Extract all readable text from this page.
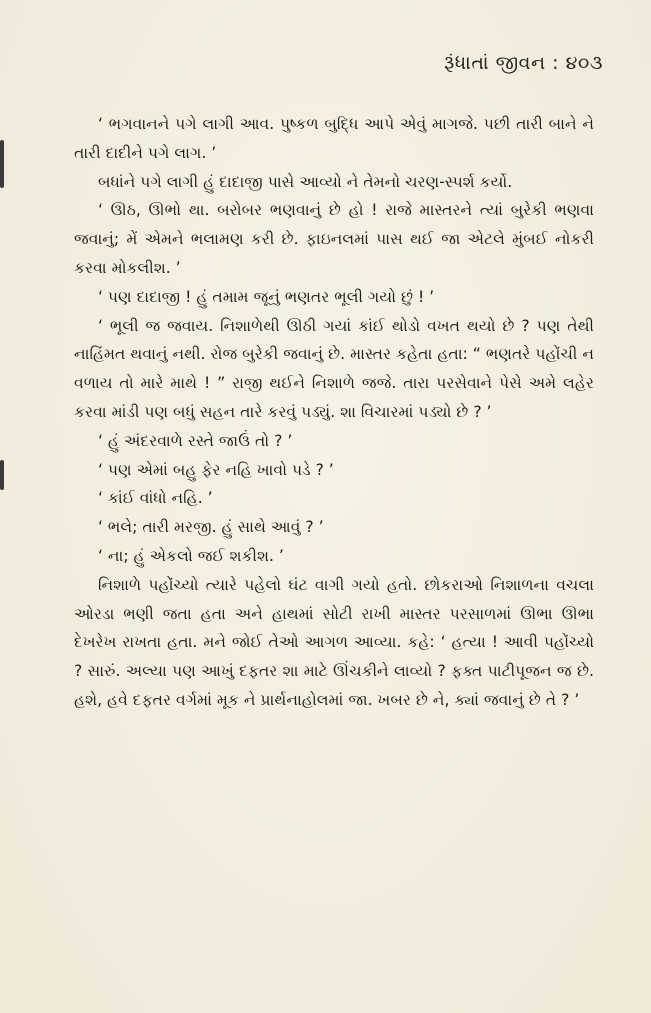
રૂંધાતાં જીવન : ૪૦૩

‘ ભગવાનને પગે લાગી આવ. પુષ્કળ બુદ્ધિ આપે એવું માગજે. પછી તારી બાને ને તારી દાદીને પગે લાગ. ’

બધાંને પગે લાગી હું દાદાજી પાસે આવ્યો ને તેમનો ચરણ-સ્પર્શ કર્યો.

‘ ઊઠ, ઊભો થા. બરોબર ભણવાનું છે હો ! રાજે માસ્તરને ત્યાં બુરેકી ભણવા જવાનું; મેં એમને ભલામણ કરી છે. ફાઇનલમાં પાસ થઈ જા એટલે મુંબઈ નોકરી કરવા મોકલીશ. ’

‘ પણ દાદાજી ! હું તમામ જૂનું ભણતર ભૂલી ગયો છું ! ’

‘ ભૂલી જ જવાય. નિશાળેથી ઊઠી ગયાં કાંઈ થોડો વખત થયો છે ? પણ તેથી નાહિંમત થવાનું નથી. રોજ બુરેકી જવાનું છે. માસ્તર કહેતા હતા: “ ભણતરે પહોંચી ન વળાય તો મારે માથે ! ” રાજી થઈને નિશાળે જજે. તારા પરસેવાને પેસે અમે લહેર કરવા માંડી પણ બધું સહન તારે કરવું પડ્યું. શા વિચારમાં પડ્યો છે ? ’

‘ હું અંદરવાળે રસ્તે જાઉં તો ? ’

‘ પણ એમાં બહુ ફેર નહિ ખાવો પડે ? ’

‘ કાંઈ વાંધો નહિ. ’

‘ ભલે; તારી મરજી. હું સાથે આવું ? ’

‘ ના; હું એકલો જઈ શકીશ. ’

નિશાળે પહોંચ્યો ત્યારે પહેલો ઘંટ વાગી ગયો હતો. છોકરાઓ નિશાળના વચલા ઓરડા ભણી જતા હતા અને હાથમાં સોટી રાખી માસ્તર પરસાળમાં ઊભા ઊભા દેખરેખ રાખતા હતા. મને જોઈ તેઓ આગળ આવ્યા. કહે: ‘ હત્યા ! આવી પહોંચ્યો ? સારું. અલ્યા પણ આખું દફતર શા માટે ઊંચકીને લાવ્યો ? ફક્ત પાટીપૂજન જ છે. હશે, હવે દફતર વર્ગમાં મૂક ને પ્રાર્થનાહોલમાં જા. ખબર છે ને, ક્યાં જવાનું છે તે ? ’
